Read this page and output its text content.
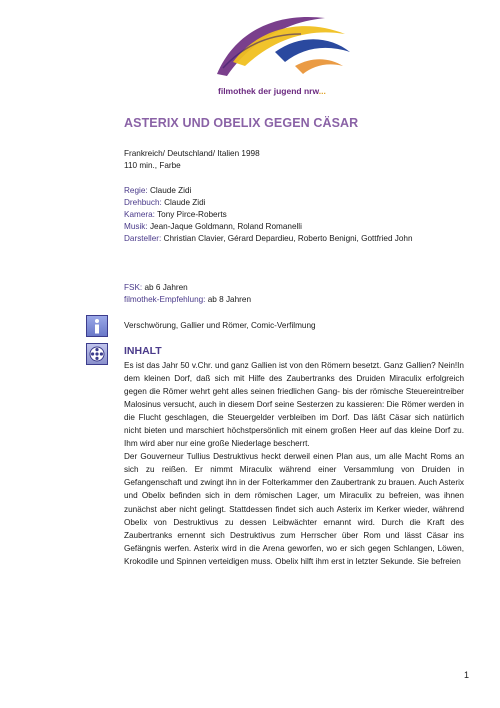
filmothek der jugend nrw...
ASTERIX UND OBELIX GEGEN CÄSAR
Frankreich/ Deutschland/ Italien 1998
110 min., Farbe

Regie: Claude Zidi

Drehbuch: Claude Zidi

Kamera: Tony Pirce-Roberts

Musik: Jean-Jaque Goldmann, Roland Romanelli

Darsteller: Christian Clavier, Gérard Depardieu, Roberto Benigni, Gottfried John

FSK: ab 6 Jahren
filmothek-Empfehlung: ab 8 Jahren
Verschwörung, Gallier und Römer, Comic-Verfilmung
INHALT

Es ist das Jahr 50 v.Chr. und ganz Gallien ist von den Römern besetzt. Ganz Gallien? Nein!In dem kleinen Dorf, daß sich mit Hilfe des Zaubertranks des Druiden Miraculix erfolgreich gegen die Römer wehrt geht alles seinen friedlichen Gang- bis der römische Steuereintreiber Malosinus versucht, auch in diesem Dorf seine Sesterzen zu kassieren: Die Römer werden in die Flucht geschlagen, die Steuergelder verbleiben im Dorf. Das läßt Cäsar sich natürlich nicht bieten und marschiert höchstpersönlich mit einem großen Heer auf das kleine Dorf zu. Ihm wird aber nur eine große Niederlage bescherrt.

Der Gouverneur Tullius Destruktivus heckt derweil einen Plan aus, um alle Macht Roms an sich zu reißen. Er nimmt Miraculix während einer Versammlung von Druiden in Gefangenschaft und zwingt ihn in der Folterkammer den Zaubertrank zu brauen. Auch Asterix und Obelix befinden sich in dem römischen Lager, um Miraculix zu befreien, was ihnen zunächst aber nicht gelingt. Stattdessen findet sich auch Asterix im Kerker wieder, während Obelix von Destruktivus zu dessen Leibwächter ernannt wird. Durch die Kraft des Zaubertranks ernennt sich Destruktivus zum Herrscher über Rom und lässt Cäsar ins Gefängnis werfen. Asterix wird in die Arena geworfen, wo er sich gegen Schlangen, Löwen, Krokodile und Spinnen verteidigen muss. Obelix hilft ihm erst in letzter Sekunde. Sie befreien

1
